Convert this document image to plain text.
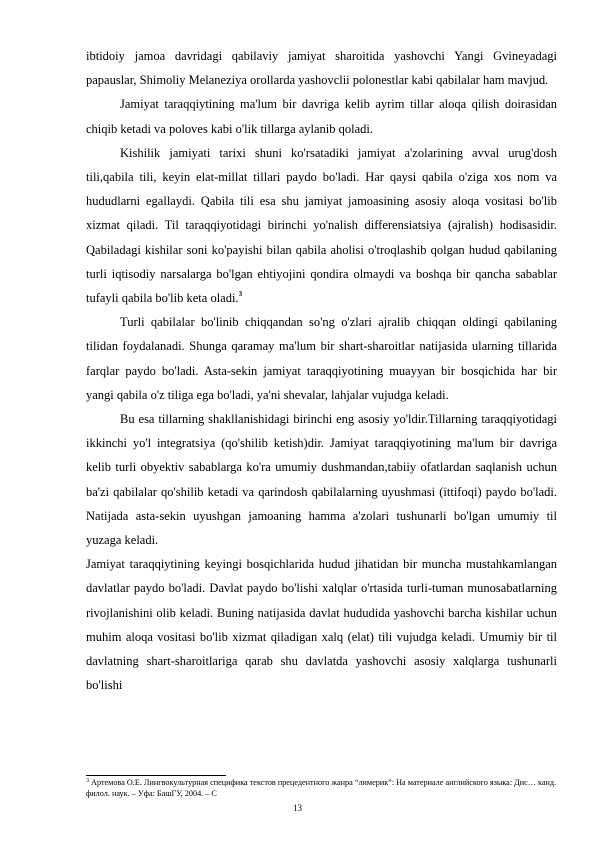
ibtidoiy jamoa davridagi qabilaviy jamiyat sharoitida yashovchi Yangi Gvineyadagi papauslar, Shimoliy Melaneziya orollarda yashovclii polonestlar kabi qabilalar ham mavjud.

Jamiyat taraqqiytining ma'lum bir davriga kelib ayrim tillar aloqa qilish doirasidan chiqib ketadi va poloves kabi o'lik tillarga aylanib qoladi.

Kishilik jamiyati tarixi shuni ko'rsatadiki jamiyat a'zolarining avval urug'dosh tili,qabila tili, keyin elat-millat tillari paydo bo'ladi. Har qaysi qabila o'ziga xos nom va hududlarni egallaydi. Qabila tili esa shu jamiyat jamoasining asosiy aloqa vositasi bo'lib xizmat qiladi. Til taraqqiyotidagi birinchi yo'nalish differensiatsiya (ajralish) hodisasidir. Qabiladagi kishilar soni ko'payishi bilan qabila aholisi o'troqlashib qolgan hudud qabilaning turli iqtisodiy narsalarga bo'lgan ehtiyojini qondira olmaydi va boshqa bir qancha sabablar tufayli qabila bo'lib keta oladi.$^3$

Turli qabilalar bo'linib chiqqandan so'ng o'zlari ajralib chiqqan oldingi qabilaning tilidan foydalanadi. Shunga qaramay ma'lum bir shart-sharoitlar natijasida ularning tillarida farqlar paydo bo'ladi. Asta-sekin jamiyat taraqqiyotining muayyan bir bosqichida har bir yangi qabila o'z tiliga ega bo'ladi, ya'ni shevalar, lahjalar vujudga keladi.

Bu esa tillarning shakllanishidagi birinchi eng asosiy yo'ldir.Tillarning taraqqiyotidagi ikkinchi yo'l integratsiya (qo'shilib ketish)dir. Jamiyat taraqqiyotining ma'lum bir davriga kelib turli obyektiv sabablarga ko'ra umumiy dushmandan,tabiiy ofatlardan saqlanish uchun ba'zi qabilalar qo'shilib ketadi va qarindosh qabilalarning uyushmasi (ittifoqi) paydo bo'ladi. Natijada asta-sekin uyushgan jamoaning hamma a'zolari tushunarli bo'lgan umumiy til yuzaga keladi.

Jamiyat taraqqiytining keyingi bosqichlarida hudud jihatidan bir muncha mustahkamlangan davlatlar paydo bo'ladi. Davlat paydo bo'lishi xalqlar o'rtasida turli-tuman munosabatlarning rivojlanishini olib keladi. Buning natijasida davlat hududida yashovchi barcha kishilar uchun muhim aloqa vositasi bo'lib xizmat qiladigan xalq (elat) tili vujudga keladi. Umumiy bir til davlatning shart-sharoitlariga qarab shu davlatda yashovchi asosiy xalqlarga tushunarli bo'lishi

$^3$ Артемова О.Е. Лингвокультурная специфика текстов прецедентного жанра “лимерик”: На материале английского языка: Дис… канд. филол. наук. – Уфа: БашГУ, 2004. – С
13
